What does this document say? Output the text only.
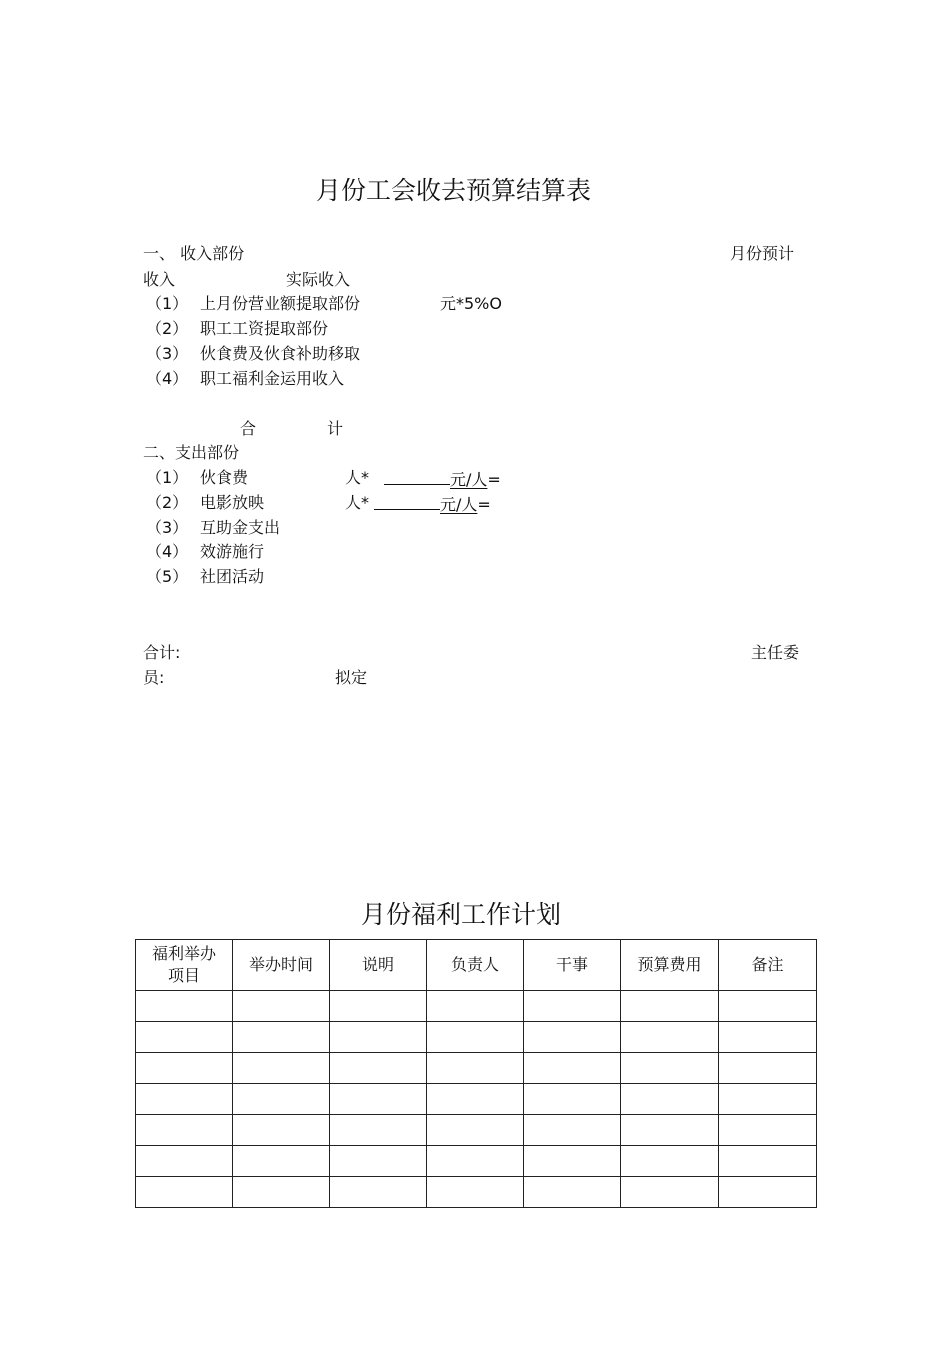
月份工会收去预算结算表
一、 收入部份	月份预计
收入	实际收入
（1） 上月份营业额提取部份	元*5%O
（2） 职工工资提取部份
（3） 伙食费及伙食补助移取
（4） 职工福利金运用收入
合	计
二、支出部份
（1） 伙食费	人*	元/人=
（2） 电影放映	人*	元/人=
（3） 互助金支出
（4） 效游施行
（5） 社团活动
合计:	主任委
员:	拟定
月份福利工作计划
福利举办
项目	举办时间	说明	负责人	干事	预算费用	备注
